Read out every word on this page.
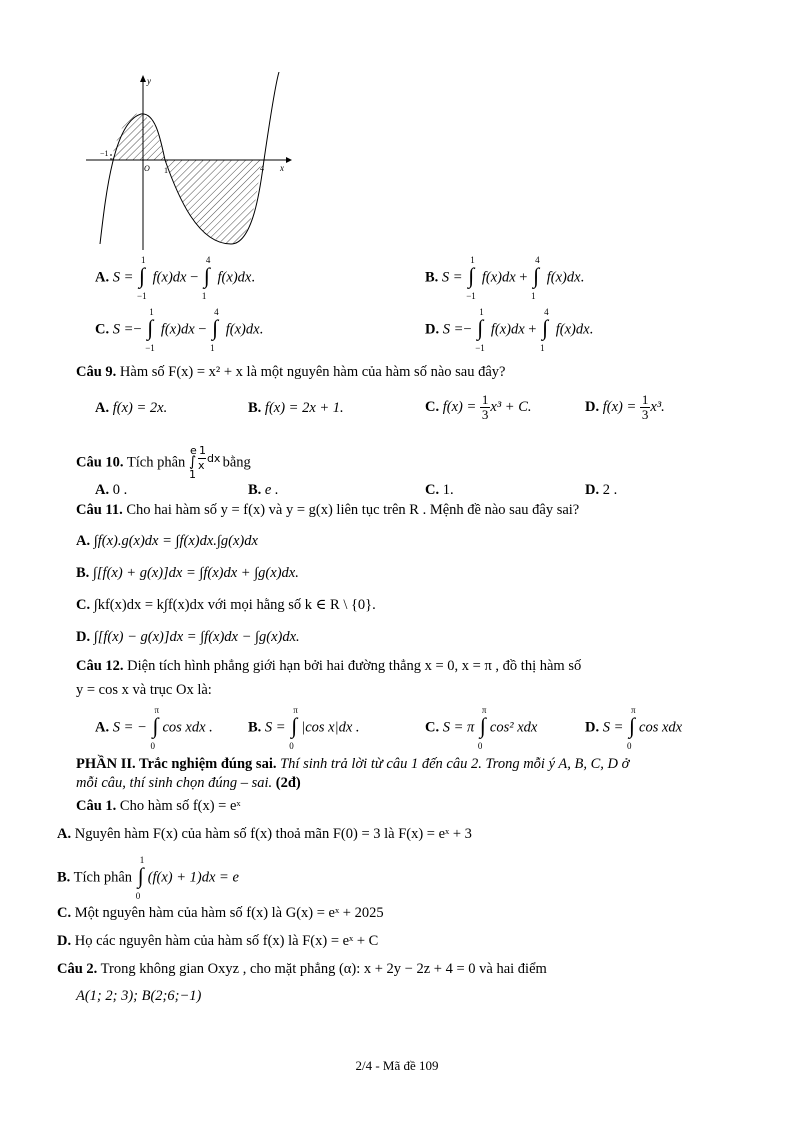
y
x
O
−1
1	4
A. S = ∫
1
−1
f(x)dx − ∫
4
1
f(x)dx.	B. S = ∫
1
−1
f(x)dx + ∫
4
1
f(x)dx.
C. S =− ∫
1
−1
f(x)dx − ∫
4
1
f(x)dx.	D. S =− ∫
1
−1
f(x)dx + ∫
4
1
f(x)dx.
Câu 9. Hàm số F(x) = x² + x là một nguyên hàm của hàm số nào sau đây?
A. f(x) = 2x.	B. f(x) = 2x + 1.	C. $f(x) = \frac{1}{3} x^3 + C$.	D. $f(x) = \frac{1}{3} x^3$.
Câu 10. Tích phân
e
∫
1
1
x
dx bằng
A. 0 .	B. e .	C. 1.	D. 2 .
Câu 11. Cho hai hàm số y = f(x) và y = g(x) liên tục trên R . Mệnh đề nào sau đây sai?
A. ∫f(x).g(x)dx = ∫f(x)dx.∫g(x)dx
B. ∫[f(x) + g(x)]dx = ∫f(x)dx + ∫g(x)dx.
C. ∫kf(x)dx = k∫f(x)dx với mọi hằng số k ∈ R \ {0}.
D. ∫[f(x) − g(x)]dx = ∫f(x)dx − ∫g(x)dx.
Câu 12. Diện tích hình phẳng giới hạn bởi hai đường thẳng x = 0, x = π , đồ thị hàm số
y = cos x và trục Ox là:
A. S = − ∫
π
0
cos xdx . B. S = ∫
π
0
|cos x|dx .	C. S = π ∫
π
0
cos² xdx	D. S = ∫
π
0
cos xdx
PHẦN II. Trắc nghiệm đúng sai. Thí sinh trả lời từ câu 1 đến câu 2. Trong mỗi ý A, B, C, D ở
mỗi câu, thí sinh chọn đúng – sai. (2đ)
Câu 1. Cho hàm số f(x) = eˣ
A. Nguyên hàm F(x) của hàm số f(x) thoả mãn F(0) = 3 là F(x) = eˣ + 3
B. Tích phân ∫
1
0
(f(x) + 1)dx = e
C. Một nguyên hàm của hàm số f(x) là G(x) = eˣ + 2025
D. Họ các nguyên hàm của hàm số f(x) là F(x) = eˣ + C
Câu 2. Trong không gian Oxyz , cho mặt phẳng (α): x + 2y − 2z + 4 = 0 và hai điểm
A(1; 2; 3); B(2;6;−1)
2/4 - Mã đề 109
